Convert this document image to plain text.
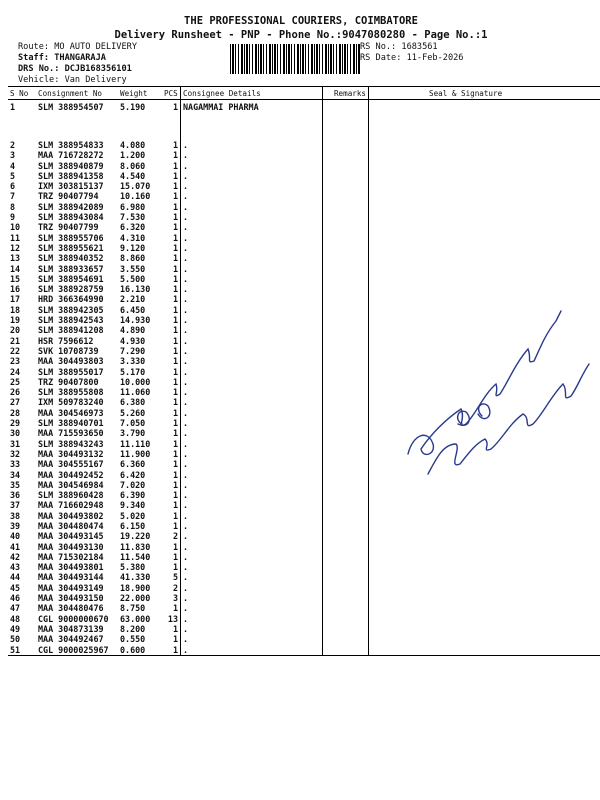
THE PROFESSIONAL COURIERS, COIMBATORE
Delivery Runsheet - PNP - Phone No.:9047080280 - Page No.:1
Route: MO AUTO DELIVERY
Staff: THANGARAJA
DRS No.: DCJB168356101
Vehicle: Van Delivery
RS No.: 1683561
RS Date: 11-Feb-2026
S No	Consignment No	Weight	PCS	Consignee Details	Remarks	Seal & Signature
1	SLM 388954507	5.190	1	NAGAMMAI PHARMA		
2	SLM 388954833	4.080	1	.		
3	MAA 716728272	1.200	1	.		
4	SLM 388940879	8.060	1	.		
5	SLM 388941358	4.540	1	.		
6	IXM 303815137	15.070	1	.		
7	TRZ 90407794	10.160	1	.		
8	SLM 388942089	6.980	1	.		
9	SLM 388943084	7.530	1	.		
10	TRZ 90407799	6.320	1	.		
11	SLM 388955706	4.310	1	.		
12	SLM 388955621	9.120	1	.		
13	SLM 388940352	8.860	1	.		
14	SLM 388933657	3.550	1	.		
15	SLM 388954691	5.500	1	.		
16	SLM 388928759	16.130	1	.		
17	HRD 366364990	2.210	1	.		
18	SLM 388942305	6.450	1	.		
19	SLM 388942543	14.930	1	.		
20	SLM 388941208	4.890	1	.		
21	HSR 7596612	4.930	1	.		
22	SVK 10708739	7.290	1	.		
23	MAA 304493803	3.330	1	.		
24	SLM 388955017	5.170	1	.		
25	TRZ 90407800	10.000	1	.		
26	SLM 388955808	11.060	1	.		
27	IXM 509783240	6.380	1	.		
28	MAA 304546973	5.260	1	.		
29	SLM 388940701	7.050	1	.		
30	MAA 715593650	3.790	1	.		
31	SLM 388943243	11.110	1	.		
32	MAA 304493132	11.900	1	.		
33	MAA 304555167	6.360	1	.		
34	MAA 304492452	6.420	1	.		
35	MAA 304546984	7.020	1	.		
36	SLM 388960428	6.390	1	.		
37	MAA 716602948	9.340	1	.		
38	MAA 304493802	5.020	1	.		
39	MAA 304480474	6.150	1	.		
40	MAA 304493145	19.220	2	.		
41	MAA 304493130	11.830	1	.		
42	MAA 715302184	11.540	1	.		
43	MAA 304493801	5.380	1	.		
44	MAA 304493144	41.330	5	.		
45	MAA 304493149	18.900	2	.		
46	MAA 304493150	22.000	3	.		
47	MAA 304480476	8.750	1	.		
48	CGL 9000000670	63.000	13	.		
49	MAA 304873139	8.200	1	.		
50	MAA 304492467	0.550	1	.		
51	CGL 9000025967	0.600	1	.		
